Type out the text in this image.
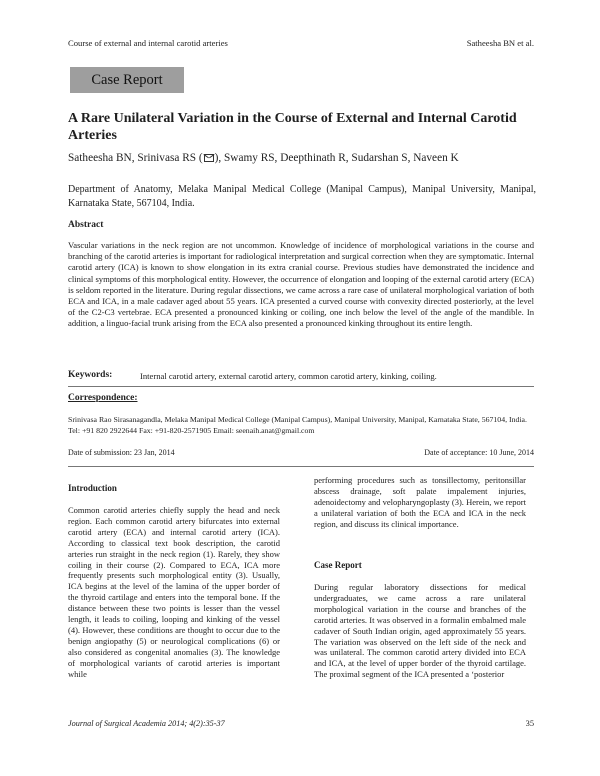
Course of external and internal carotid arteries	Satheesha BN et al.
Case Report
A Rare Unilateral Variation in the Course of External and Internal Carotid Arteries
Satheesha BN, Srinivasa RS ( ), Swamy RS, Deepthinath R, Sudarshan S, Naveen K
Department of Anatomy, Melaka Manipal Medical College (Manipal Campus), Manipal University, Manipal, Karnataka State, 567104, India.
Abstract
Vascular variations in the neck region are not uncommon. Knowledge of incidence of morphological variations in the course and branching of the carotid arteries is important for radiological interpretation and surgical correction when they are symptomatic. Internal carotid artery (ICA) is known to show elongation in its extra cranial course. Previous studies have demonstrated the incidence and clinical symptoms of this morphological entity. However, the occurrence of elongation and looping of the external carotid artery (ECA) is seldom reported in the literature. During regular dissections, we came across a rare case of unilateral morphological variation of both ECA and ICA, in a male cadaver aged about 55 years. ICA presented a curved course with convexity directed posteriorly, at the level of the C2-C3 vertebrae. ECA presented a pronounced kinking or coiling, one inch below the level of the angle of the mandible. In addition, a linguo-facial trunk arising from the ECA also presented a pronounced kinking throughout its entire length.
Keywords:	Internal carotid artery, external carotid artery, common carotid artery, kinking, coiling.
Correspondence:
Srinivasa Rao Sirasanagandla, Melaka Manipal Medical College (Manipal Campus), Manipal University, Manipal, Karnataka State, 567104, India. Tel: +91 820 2922644 Fax: +91-820-2571905 Email: seenaih.anat@gmail.com
Date of submission: 23 Jan, 2014	Date of acceptance: 10 June, 2014
Introduction
Common carotid arteries chiefly supply the head and neck region. Each common carotid artery bifurcates into external carotid artery (ECA) and internal carotid artery (ICA). According to classical text book description, the carotid arteries run straight in the neck region (1). Rarely, they show coiling in their course (2). Compared to ECA, ICA more frequently presents such morphological entity (3). Usually, ICA begins at the level of the lamina of the upper border of the thyroid cartilage and enters into the temporal bone. If the distance between these two points is lesser than the vessel length, it leads to coiling, looping and kinking of the vessel (4). However, these conditions are thought to occur due to the benign angiopathy (5) or neurological complications (6) or also considered as congenital anomalies (3). The knowledge of morphological variants of carotid arteries is important while
performing procedures such as tonsillectomy, peritonsillar abscess drainage, soft palate impalement injuries, adenoidectomy and velopharyngoplasty (3). Herein, we report a unilateral variation of both the ECA and ICA in the neck region, and discuss its clinical importance.
Case Report
During regular laboratory dissections for medical undergraduates, we came across a rare unilateral morphological variation in the course and branches of the carotid arteries. It was observed in a formalin embalmed male cadaver of South Indian origin, aged approximately 55 years. The variation was observed on the left side of the neck and was unilateral. The common carotid artery divided into ECA and ICA, at the level of upper border of the thyroid cartilage. The proximal segment of the ICA presented a ‘posterior
Journal of Surgical Academia 2014; 4(2):35-37	35
